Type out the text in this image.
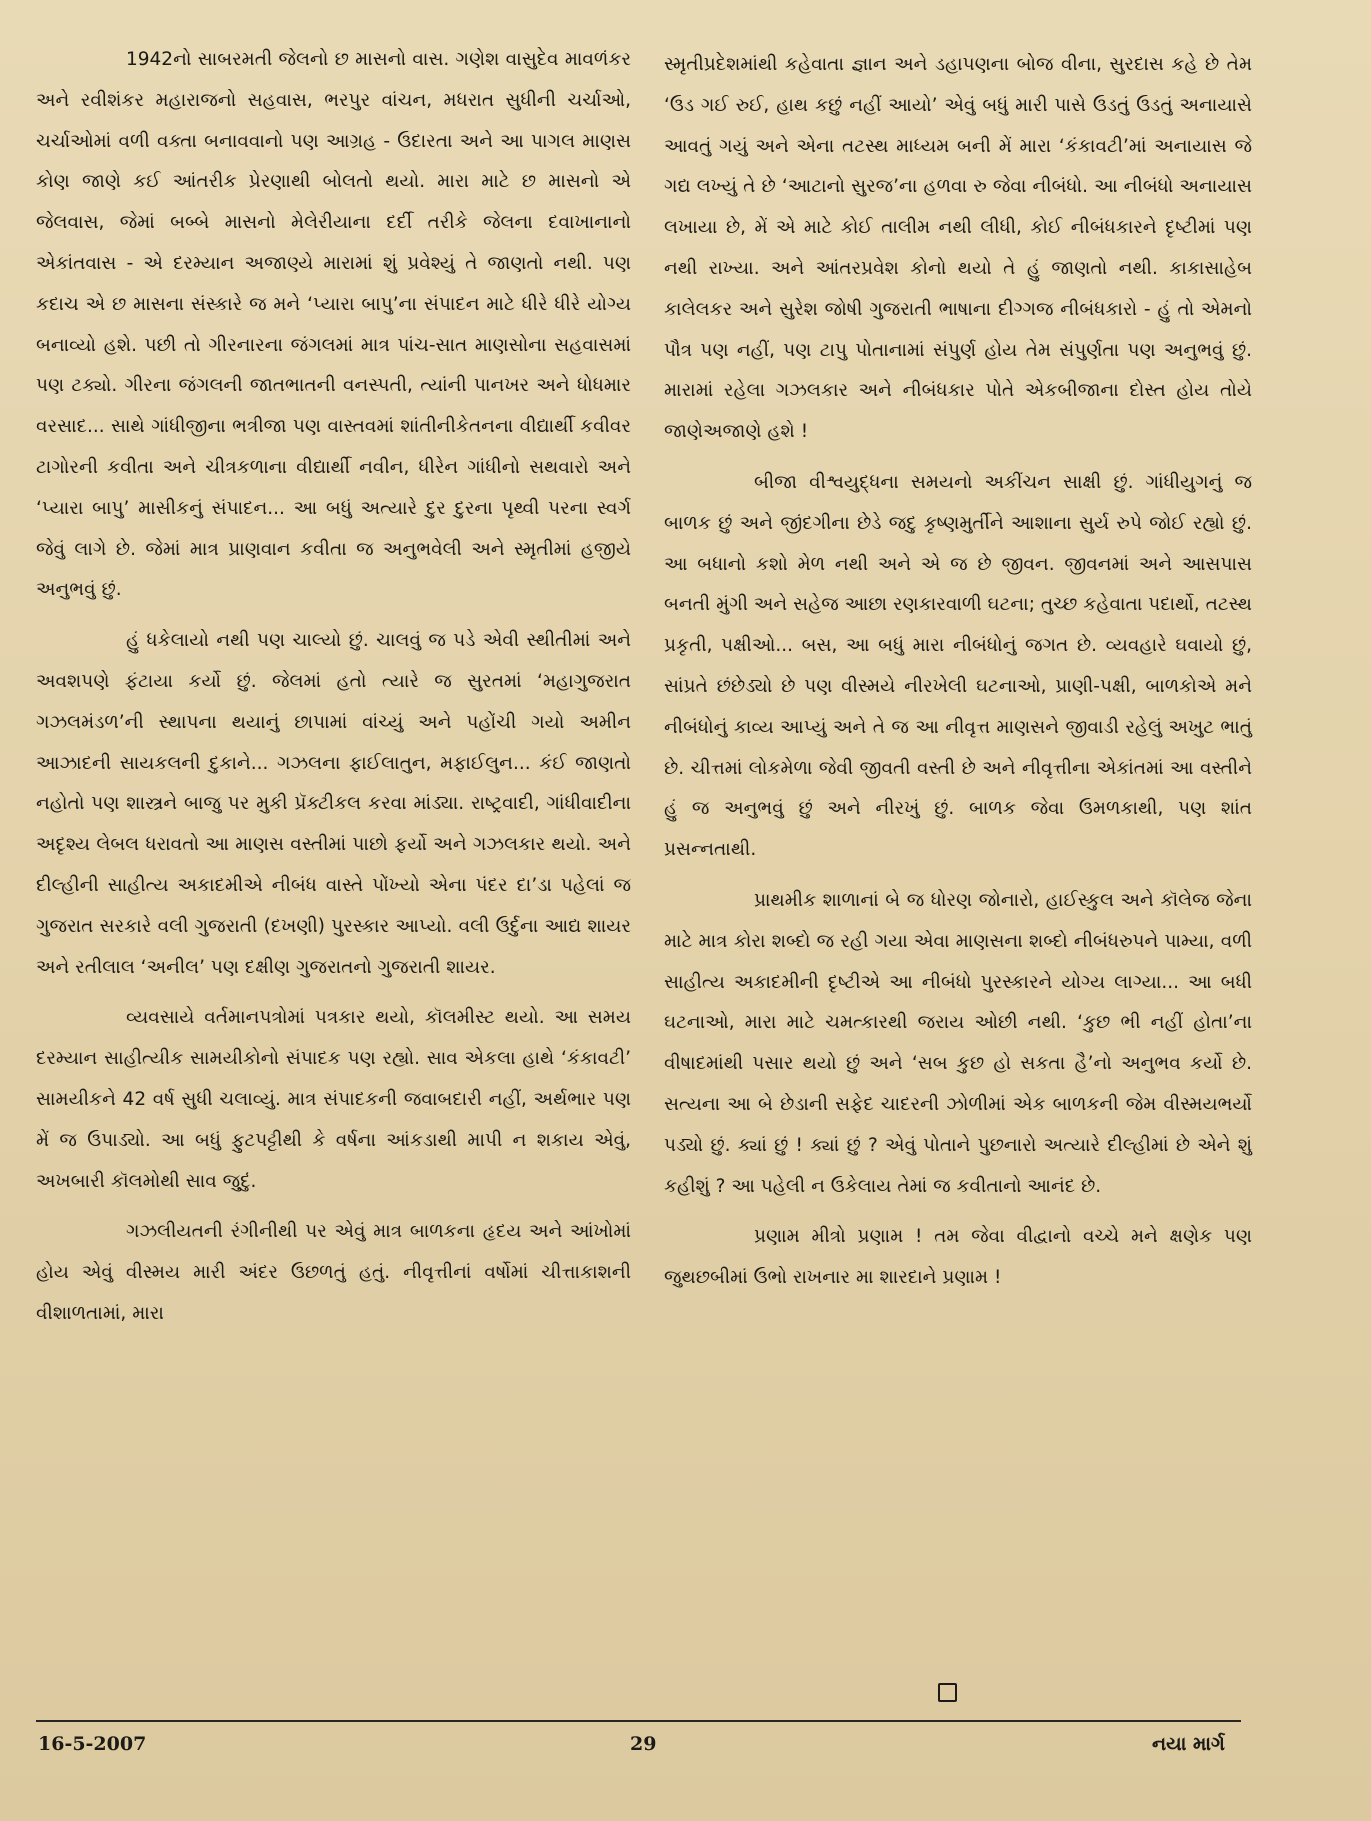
1942નો સાબરમતી જેલનો છ માસનો વાસ. ગણેશ વાસુદેવ માવળંકર અને રવીશંકર મહારાજનો સહવાસ, ભરપુર વાંચન, મધરાત સુધીની ચર્ચાઓ, ચર્ચાઓમાં વળી વક્તા બનાવવાનો પણ આગ્રહ - ઉદારતા અને આ પાગલ માણસ કોણ જાણે કઈ આંતરીક પ્રેરણાથી બોલતો થયો. મારા માટે છ માસનો એ જેલવાસ, જેમાં બબ્બે માસનો મેલેરીયાના દર્દી તરીકે જેલના દવાખાનાનો એકાંતવાસ - એ દરમ્યાન અજાણ્યે મારામાં શું પ્રવેશ્યું તે જાણતો નથી. પણ કદાચ એ છ માસના સંસ્કારે જ મને ‘પ્યારા બાપુ’ના સંપાદન માટે ધીરે ધીરે યોગ્ય બનાવ્યો હશે. પછી તો ગીરનારના જંગલમાં માત્ર પાંચ-સાત માણસોના સહવાસમાં પણ ટક્યો. ગીરના જંગલની જાતભાતની વનસ્પતી, ત્યાંની પાનખર અને ધોધમાર વરસાદ... સાથે ગાંધીજીના ભત્રીજા પણ વાસ્તવમાં શાંતીનીકેતનના વીદ્યાર્થી કવીવર ટાગોરની કવીતા અને ચીત્રકળાના વીદ્યાર્થી નવીન, ધીરેન ગાંધીનો સથવારો અને ‘પ્યારા બાપુ’ માસીકનું સંપાદન... આ બધું અત્યારે દુર દુરના પૃથ્વી પરના સ્વર્ગ જેવું લાગે છે. જેમાં માત્ર પ્રાણવાન કવીતા જ અનુભવેલી અને સ્મૃતીમાં હજીયે અનુભવું છું.

હું ધકેલાયો નથી પણ ચાલ્યો છું. ચાલવું જ પડે એવી સ્થીતીમાં અને અવશપણે ફંટાયા કર્યો છું. જેલમાં હતો ત્યારે જ સુરતમાં ‘મહાગુજરાત ગઝલમંડળ’ની સ્થાપના થયાનું છાપામાં વાંચ્યું અને પહોંચી ગયો અમીન આઝાદની સાયકલની દુકાને... ગઝલના ફાઈલાતુન, મફાઈલુન... કંઈ જાણતો નહોતો પણ શાસ્ત્રને બાજુ પર મુકી પ્રૅક્ટીકલ કરવા માંડ્યા. રાષ્ટ્રવાદી, ગાંધીવાદીના અદૃશ્ય લેબલ ધરાવતો આ માણસ વસ્તીમાં પાછો ફર્યો અને ગઝલકાર થયો. અને દીલ્હીની સાહીત્ય અકાદમીએ નીબંધ વાસ્તે પોંખ્યો એના પંદર દા’ડા પહેલાં જ ગુજરાત સરકારે વલી ગુજરાતી (દખણી) પુરસ્કાર આપ્યો. વલી ઉર્દુના આદ્ય શાયર અને રતીલાલ ‘અનીલ’ પણ દક્ષીણ ગુજરાતનો ગુજરાતી શાયર.

વ્યવસાયે વર્તમાનપત્રોમાં પત્રકાર થયો, કૉલમીસ્ટ થયો. આ સમય દરમ્યાન સાહીત્યીક સામયીકોનો સંપાદક પણ રહ્યો. સાવ એકલા હાથે ‘કંકાવટી’ સામયીકને 42 વર્ષ સુધી ચલાવ્યું. માત્ર સંપાદકની જવાબદારી નહીં, અર્થભાર પણ મેં જ ઉપાડ્યો. આ બધું ફુટપટ્ટીથી કે વર્ષના આંકડાથી માપી ન શકાય એવું, અખબારી કૉલમોથી સાવ જુદું.

ગઝલીયતની રંગીનીથી પર એવું માત્ર બાળકના હૃદય અને આંખોમાં હોય એવું વીસ્મય મારી અંદર ઉછળતું હતું. નીવૃત્તીનાં વર્ષોમાં ચીત્તાકાશની વીશાળતામાં, મારા

સ્મૃતીપ્રદેશમાંથી કહેવાતા જ્ઞાન અને ડહાપણના બોજ વીના, સુરદાસ કહે છે તેમ ‘ઉડ ગઈ રુઈ, હાથ કછું નહીં આયો’ એવું બધું મારી પાસે ઉડતું ઉડતું અનાયાસે આવતું ગયું અને એના તટસ્થ માધ્યમ બની મેં મારા ‘કંકાવટી’માં અનાયાસ જે ગદ્ય લખ્યું તે છે ‘આટાનો સુરજ’ના હળવા રુ જેવા નીબંધો. આ નીબંધો અનાયાસ લખાયા છે, મેં એ માટે કોઈ તાલીમ નથી લીધી, કોઈ નીબંધકારને દૃષ્ટીમાં પણ નથી રાખ્યા. અને આંતરપ્રવેશ કોનો થયો તે હું જાણતો નથી. કાકાસાહેબ કાલેલકર અને સુરેશ જોષી ગુજરાતી ભાષાના દીગ્ગજ નીબંધકારો - હું તો એમનો પૌત્ર પણ નહીં, પણ ટાપુ પોતાનામાં સંપુર્ણ હોય તેમ સંપુર્ણતા પણ અનુભવું છું. મારામાં રહેલા ગઝલકાર અને નીબંધકાર પોતે એકબીજાના દોસ્ત હોય તોયે જાણેઅજાણે હશે !

બીજા વીશ્વયુદ્ધના સમયનો અકીંચન સાક્ષી છું. ગાંધીયુગનું જ બાળક છું અને જીંદગીના છેડે જદુ કૃષ્ણમુર્તીને આશાના સુર્ય રુપે જોઈ રહ્યો છું. આ બધાનો કશો મેળ નથી અને એ જ છે જીવન. જીવનમાં અને આસપાસ બનતી મુંગી અને સહેજ આછા રણકારવાળી ઘટના; તુચ્છ કહેવાતા પદાર્થો, તટસ્થ પ્રકૃતી, પક્ષીઓ... બસ, આ બધું મારા નીબંધોનું જગત છે. વ્યવહારે ઘવાયો છું, સાંપ્રતે છંછેડ્યો છે પણ વીસ્મયે નીરખેલી ઘટનાઓ, પ્રાણી-પક્ષી, બાળકોએ મને નીબંધોનું કાવ્ય આપ્યું અને તે જ આ નીવૃત્ત માણસને જીવાડી રહેલું અખુટ ભાતું છે. ચીત્તમાં લોકમેળા જેવી જીવતી વસ્તી છે અને નીવૃત્તીના એકાંતમાં આ વસ્તીને હું જ અનુભવું છું અને નીરખું છું. બાળક જેવા ઉમળકાથી, પણ શાંત પ્રસન્નતાથી.

પ્રાથમીક શાળાનાં બે જ ધોરણ જોનારો, હાઈસ્કુલ અને કૉલેજ જેના માટે માત્ર કોરા શબ્દો જ રહી ગયા એવા માણસના શબ્દો નીબંધરુપને પામ્યા, વળી સાહીત્ય અકાદમીની દૃષ્ટીએ આ નીબંધો પુરસ્કારને યોગ્ય લાગ્યા... આ બધી ઘટનાઓ, મારા માટે ચમત્કારથી જરાય ઓછી નથી. ‘કુછ ભી નહીં હોતા’ના વીષાદમાંથી પસાર થયો છું અને ‘સબ કુછ હો સકતા હૈ’નો અનુભવ કર્યો છે. સત્યના આ બે છેડાની સફેદ ચાદરની ઝોળીમાં એક બાળકની જેમ વીસ્મયભર્યો પડ્યો છું. ક્યાં છું ! ક્યાં છું ? એવું પોતાને પુછનારો અત્યારે દીલ્હીમાં છે એને શું કહીશું ? આ પહેલી ન ઉકેલાય તેમાં જ કવીતાનો આનંદ છે.

પ્રણામ મીત્રો પ્રણામ ! તમ જેવા વીદ્વાનો વચ્ચે મને ક્ષણેક પણ જુથછબીમાં ઉભો રાખનાર મા શારદાને પ્રણામ !

16-5-2007	29	નયા માર્ગ
